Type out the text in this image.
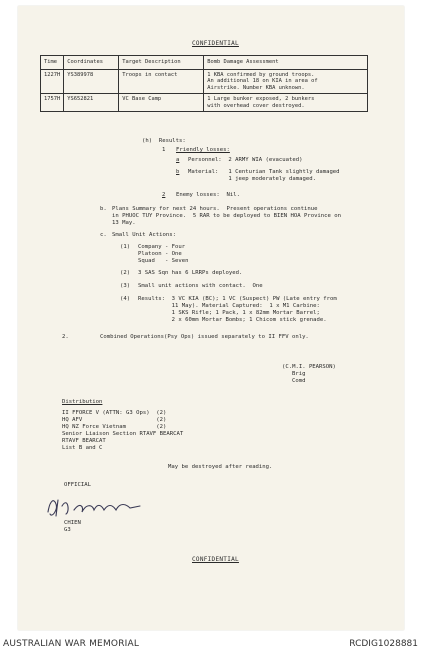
CONFIDENTIAL
Time	Coordinates	Target Description	Bomb Damage Assessment
1227H	YS389978	Troops in contact	1 KBA confirmed by ground troops.
An additional 18 on KIA in area of
Airstrike. Number KBA unknown.

1757H	YS652821	VC Base Camp	1 Large bunker exposed, 2 bunkers
with overhead cover destroyed.
(h)  Results:
1 Friendly losses:
a Personnel:  2 ARMY WIA (evacuated)
b Material:   1 Centurian Tank slightly damaged
1 jeep moderately damaged.
2 Enemy losses:  Nil.
b. Plans Summary for next 24 hours.  Present operations continue
in PHUOC TUY Province.  5 RAR to be deployed to BIEN HOA Province on
13 May.
c. Small Unit Actions:
(1) Company - Four
Platoon - One
Squad   - Seven
(2) 3 SAS Sqn has 6 LRRPs deployed.
(3) Small unit actions with contact.  One
(4) Results:  3 VC KIA (BC); 1 VC (Suspect) PW (Late entry from
11 May). Material Captured:  1 x M1 Carbine:
1 SKS Rifle; 1 Pack, 1 x 82mm Mortar Barrel;
2 x 60mm Mortar Bombs; 1 Chicom stick grenade.
2.	Combined Operations(Psy Ops) issued separately to II FFV only.
(C.M.I. PEARSON)
Brig
Comd
Distribution
II FFORCE V (ATTN: G3 Ops)  (2)
HQ AFV                      (2)
HQ NZ Force Vietnam         (2)
Senior Liaison Section RTAVF BEARCAT
RTAVF BEARCAT
List B and C
May be destroyed after reading.
OFFICIAL
CHIEN
G3
CONFIDENTIAL
AUSTRALIAN WAR MEMORIAL	RCDIG1028881
